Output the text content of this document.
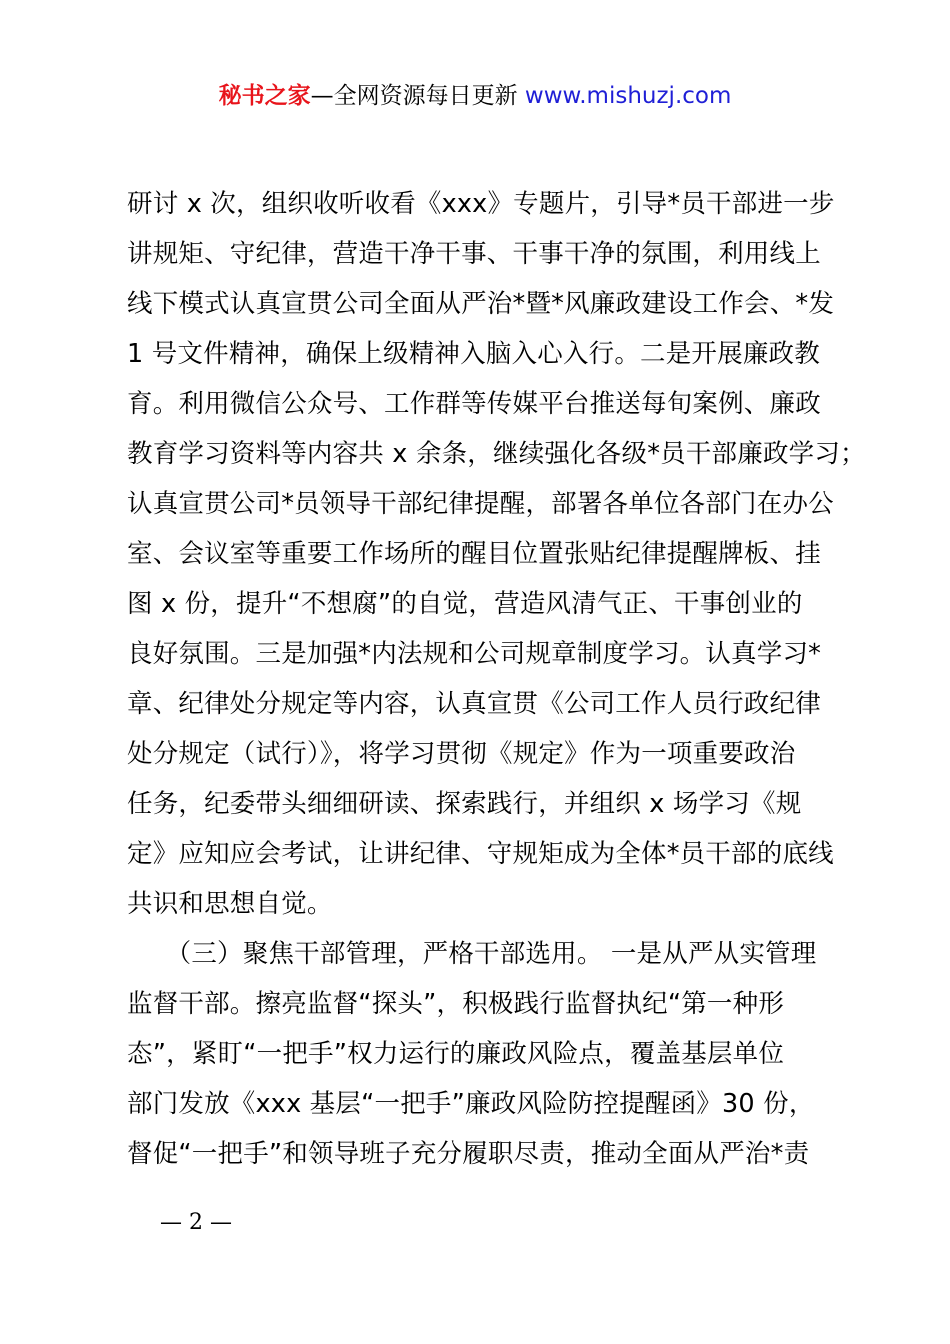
秘书之家—全网资源每日更新 www.mishuzj.com
研讨 x 次，组织收听收看《xxx》专题片，引导*员干部进一步
讲规矩、守纪律，营造干净干事、干事干净的氛围，利用线上
线下模式认真宣贯公司全面从严治*暨*风廉政建设工作会、*发
1 号文件精神，确保上级精神入脑入心入行。二是开展廉政教
育。利用微信公众号、工作群等传媒平台推送每旬案例、廉政
教育学习资料等内容共 x 余条，继续强化各级*员干部廉政学习；
认真宣贯公司*员领导干部纪律提醒，部署各单位各部门在办公
室、会议室等重要工作场所的醒目位置张贴纪律提醒牌板、挂
图 x 份，提升“不想腐”的自觉，营造风清气正、干事创业的
良好氛围。三是加强*内法规和公司规章制度学习。认真学习*
章、纪律处分规定等内容，认真宣贯《公司工作人员行政纪律
处分规定（试行）》，将学习贯彻《规定》作为一项重要政治
任务，纪委带头细细研读、探索践行，并组织 x 场学习《规
定》应知应会考试，让讲纪律、守规矩成为全体*员干部的底线
共识和思想自觉。
　　（三）聚焦干部管理，严格干部选用。 一是从严从实管理
监督干部。擦亮监督“探头”，积极践行监督执纪“第一种形
态”，紧盯“一把手”权力运行的廉政风险点，覆盖基层单位
部门发放《xxx 基层“一把手”廉政风险防控提醒函》30 份，
督促“一把手”和领导班子充分履职尽责，推动全面从严治*责
— 2 —
